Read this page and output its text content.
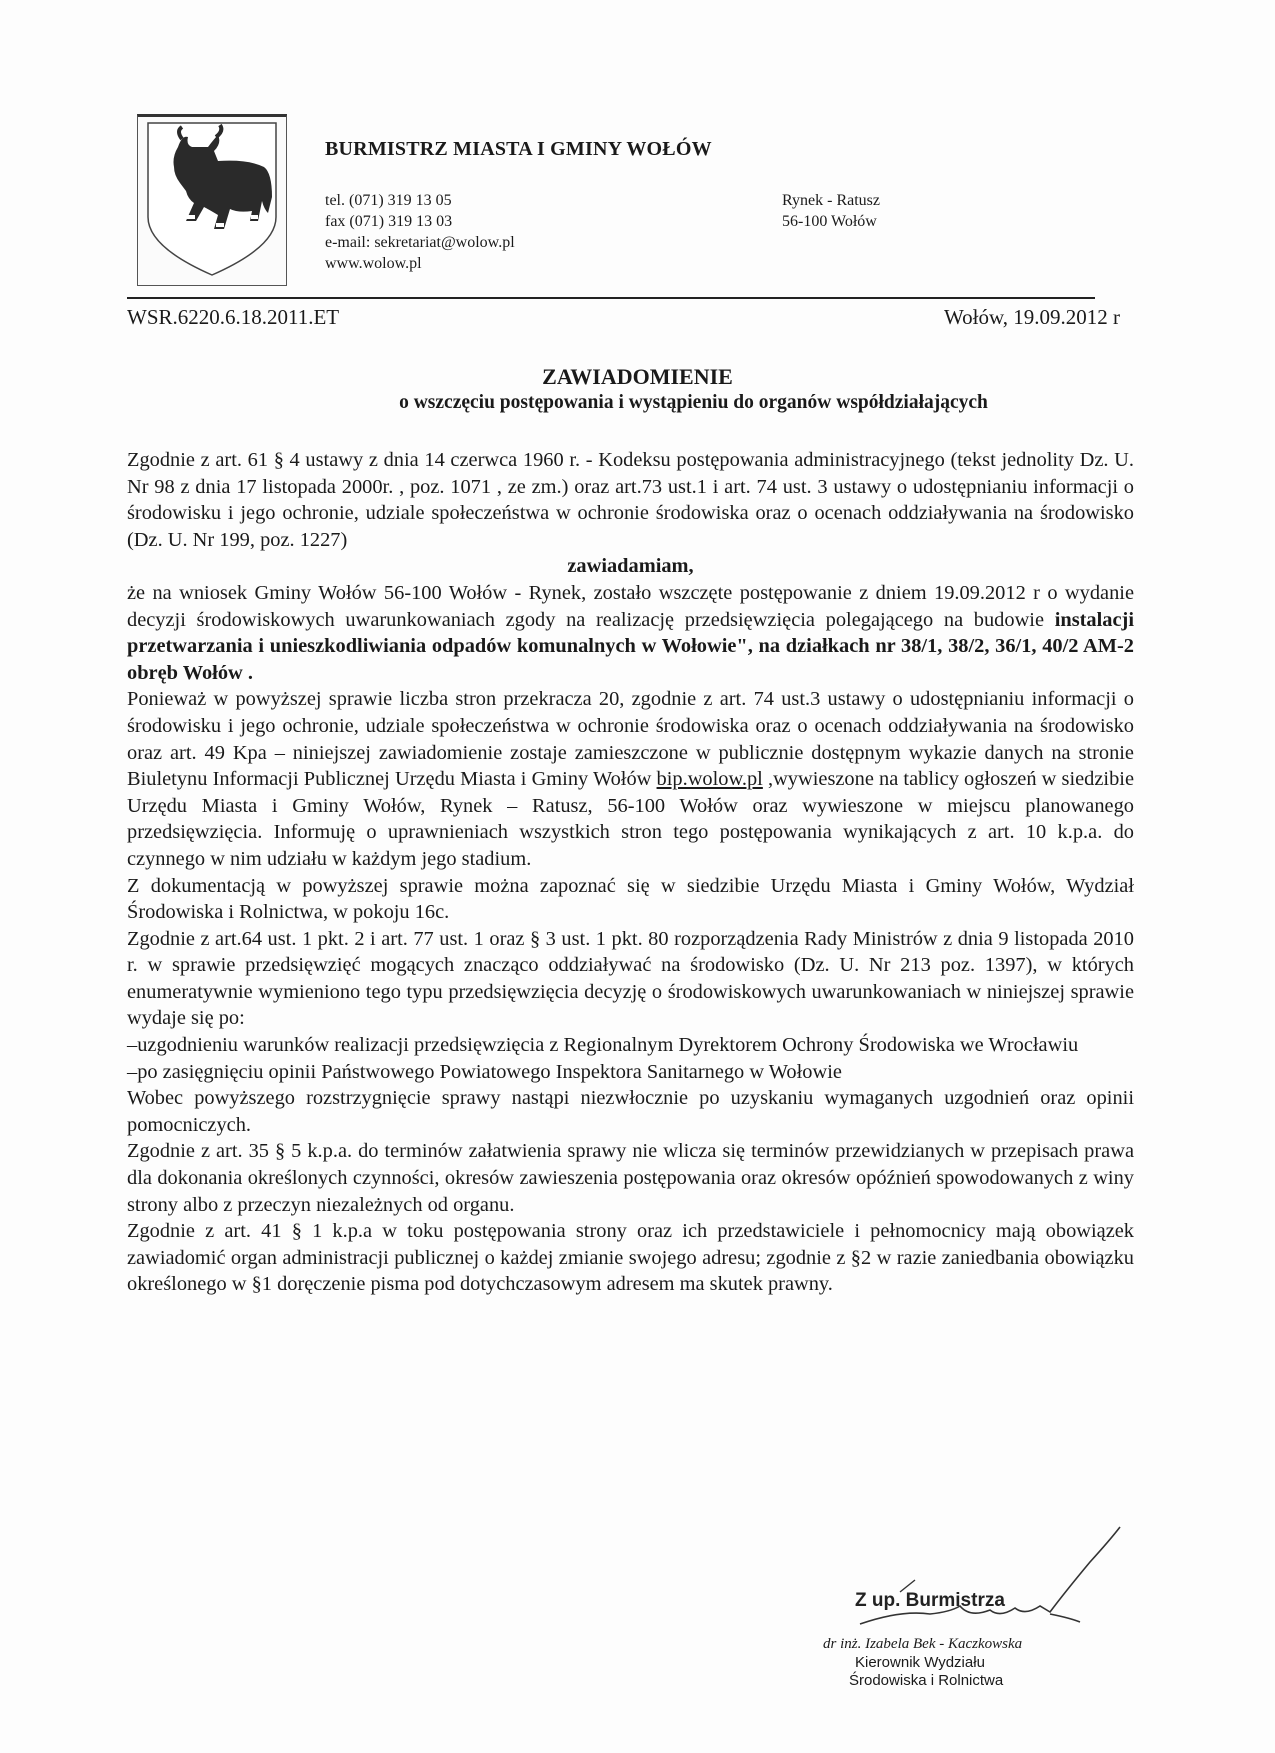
BURMISTRZ MIASTA I GMINY WOŁÓW
tel. (071) 319 13 05
fax (071) 319 13 03
e-mail: sekretariat@wolow.pl
www.wolow.pl
Rynek - Ratusz
56-100 Wołów
WSR.6220.6.18.2011.ET	Wołów, 19.09.2012 r
ZAWIADOMIENIE
o wszczęciu postępowania i wystąpieniu do organów współdziałających

Zgodnie z art. 61 § 4 ustawy z dnia 14 czerwca 1960 r. - Kodeksu postępowania administracyjnego (tekst jednolity Dz. U. Nr 98 z dnia 17 listopada 2000r. , poz. 1071 , ze zm.) oraz art.73 ust.1 i art. 74 ust. 3 ustawy o udostępnianiu informacji o środowisku i jego ochronie, udziale społeczeństwa w ochronie środowiska oraz o ocenach oddziaływania na środowisko (Dz. U. Nr 199, poz. 1227)

zawiadamiam,

że na wniosek Gminy Wołów 56-100 Wołów - Rynek, zostało wszczęte postępowanie z dniem 19.09.2012 r o wydanie decyzji środowiskowych uwarunkowaniach zgody na realizację przedsięwzięcia polegającego na budowie instalacji przetwarzania i unieszkodliwiania odpadów komunalnych w Wołowie", na działkach nr 38/1, 38/2, 36/1, 40/2 AM-2 obręb Wołów .

Ponieważ w powyższej sprawie liczba stron przekracza 20, zgodnie z art. 74 ust.3 ustawy o udostępnianiu informacji o środowisku i jego ochronie, udziale społeczeństwa w ochronie środowiska oraz o ocenach oddziaływania na środowisko oraz art. 49 Kpa – niniejszej zawiadomienie zostaje zamieszczone w publicznie dostępnym wykazie danych na stronie Biuletynu Informacji Publicznej Urzędu Miasta i Gminy Wołów bip.wolow.pl ,wywieszone na tablicy ogłoszeń w siedzibie Urzędu Miasta i Gminy Wołów, Rynek – Ratusz, 56-100 Wołów oraz wywieszone w miejscu planowanego przedsięwzięcia. Informuję o uprawnieniach wszystkich stron tego postępowania wynikających z art. 10 k.p.a. do czynnego w nim udziału w każdym jego stadium.

Z dokumentacją w powyższej sprawie można zapoznać się w siedzibie Urzędu Miasta i Gminy Wołów, Wydział Środowiska i Rolnictwa, w pokoju 16c.

Zgodnie z art.64 ust. 1 pkt. 2 i art. 77 ust. 1 oraz § 3 ust. 1 pkt. 80 rozporządzenia Rady Ministrów z dnia 9 listopada 2010 r. w sprawie przedsięwzięć mogących znacząco oddziaływać na środowisko (Dz. U. Nr 213 poz. 1397), w których enumeratywnie wymieniono tego typu przedsięwzięcia decyzję o środowiskowych uwarunkowaniach w niniejszej sprawie wydaje się po:

–uzgodnieniu warunków realizacji przedsięwzięcia z Regionalnym Dyrektorem Ochrony Środowiska we Wrocławiu

–po zasięgnięciu opinii Państwowego Powiatowego Inspektora Sanitarnego w Wołowie

Wobec powyższego rozstrzygnięcie sprawy nastąpi niezwłocznie po uzyskaniu wymaganych uzgodnień oraz opinii pomocniczych.

Zgodnie z art. 35 § 5 k.p.a. do terminów załatwienia sprawy nie wlicza się terminów przewidzianych w przepisach prawa dla dokonania określonych czynności, okresów zawieszenia postępowania oraz okresów opóźnień spowodowanych z winy strony albo z przeczyn niezależnych od organu.

Zgodnie z art. 41 § 1 k.p.a w toku postępowania strony oraz ich przedstawiciele i pełnomocnicy mają obowiązek zawiadomić organ administracji publicznej o każdej zmianie swojego adresu; zgodnie z §2 w razie zaniedbania obowiązku określonego w §1 doręczenie pisma pod dotychczasowym adresem ma skutek prawny.

Z up. Burmistrza
dr inż. Izabela Bek - Kaczkowska
Kierownik Wydziału
Środowiska i Rolnictwa
